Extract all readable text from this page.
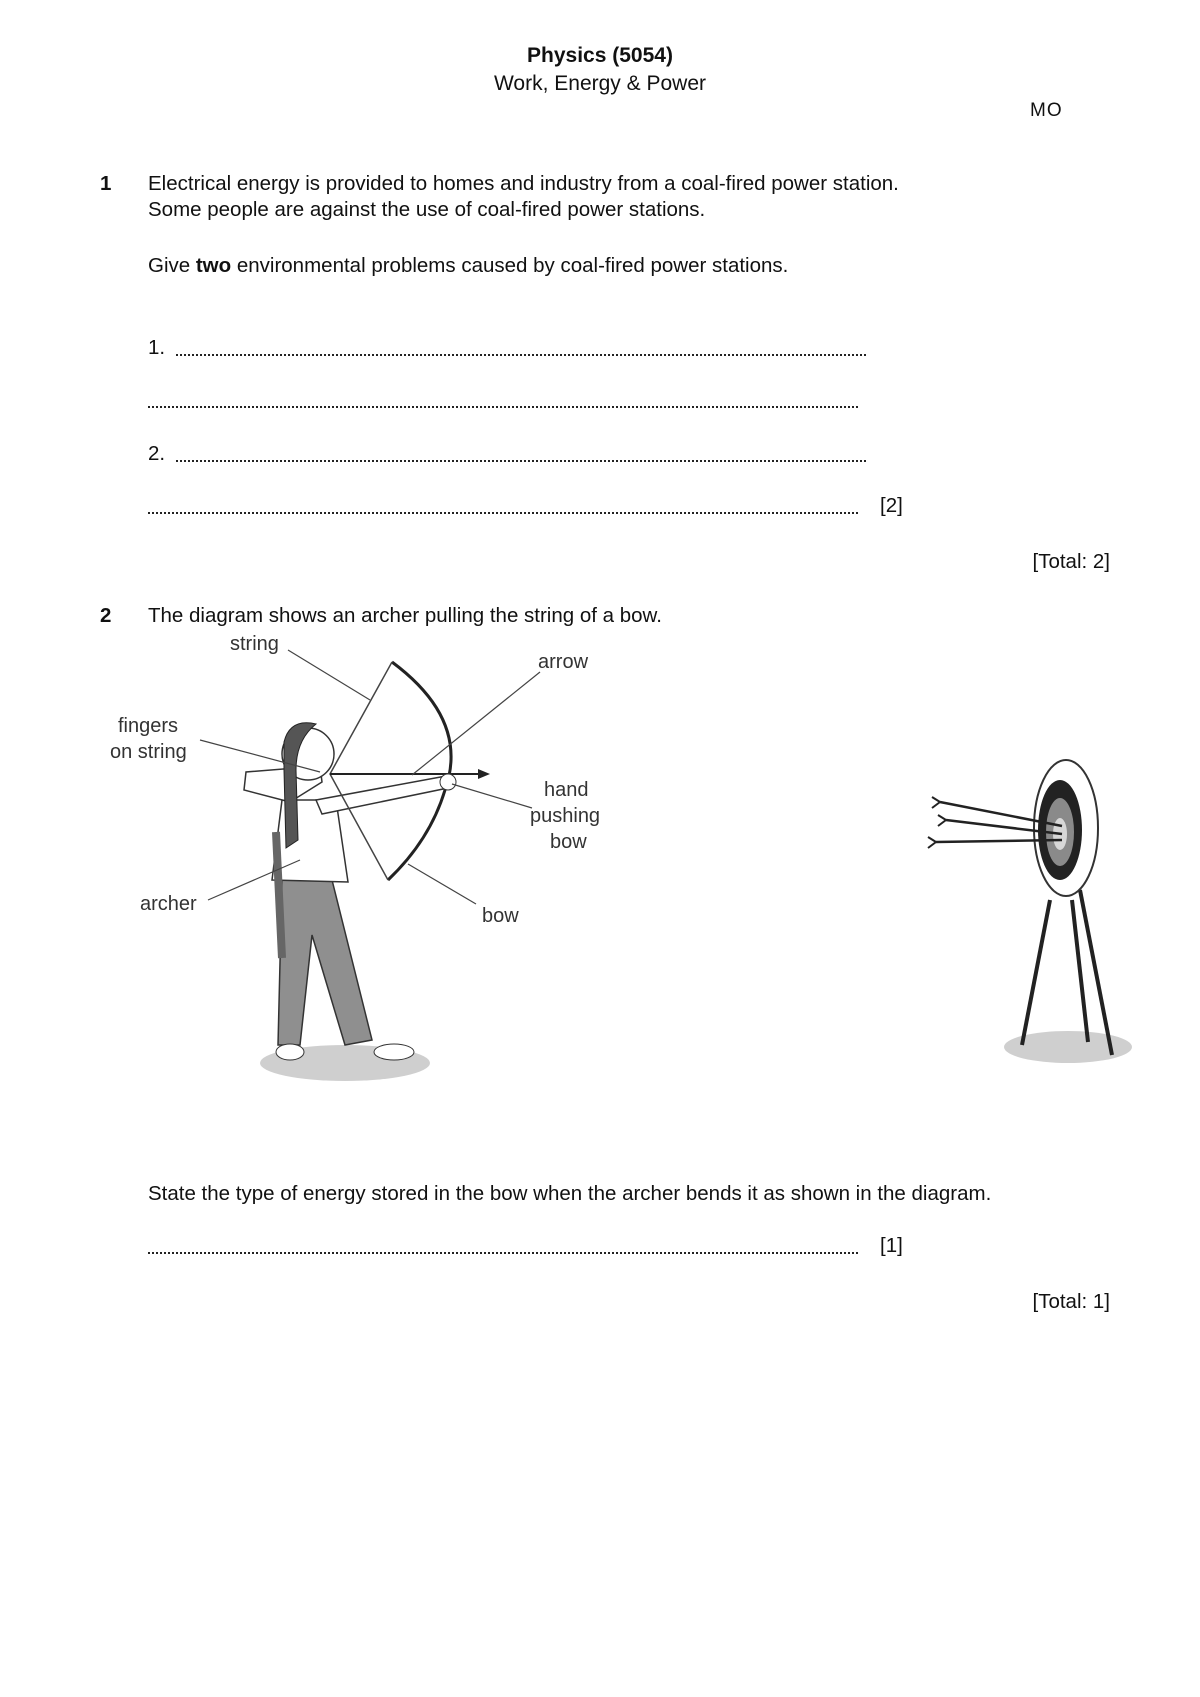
Physics (5054)
Work, Energy & Power
MO
1 Electrical energy is provided to homes and industry from a coal-fired power station.
Some people are against the use of coal-fired power stations.
Give two environmental problems caused by coal-fired power stations.
1.
2.
[2]
[Total: 2]
2 The diagram shows an archer pulling the string of a bow.
string
arrow
fingers
on string
hand
pushing
bow
archer
bow
State the type of energy stored in the bow when the archer bends it as shown in the diagram.
[1]
[Total: 1]
